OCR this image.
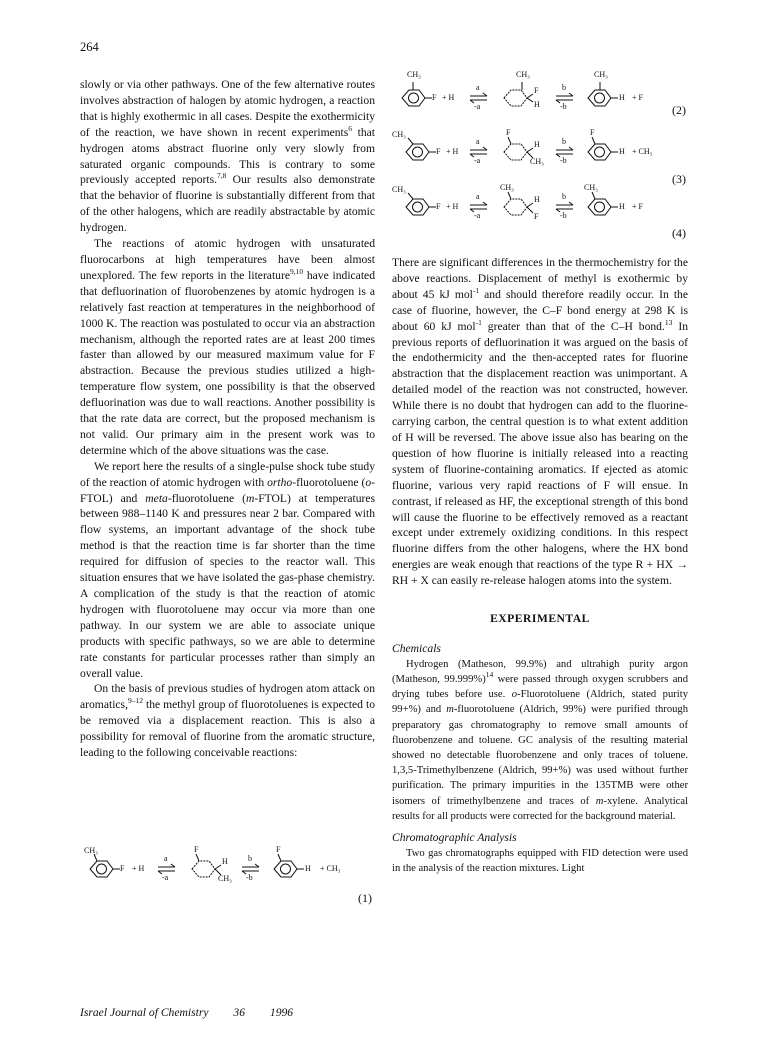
264
CH₃
F + H
a
-a
CH₃
F
H
b
-b
CH₃
H + F
(2)
CH₃
F + H
a
-a
F
H
CH₃
b
-b
F
H + CH₃
(3)
CH₃
F + H
a
-a
CH₃
H
F
b
-b
CH₃
H + F
(4)

slowly or via other pathways. One of the few alternative routes involves abstraction of halogen by atomic hydrogen, a reaction that is highly exothermic in all cases. Despite the exothermicity of the reaction, we have shown in recent experiments$^6$ that hydrogen atoms abstract fluorine only very slowly from saturated organic compounds. This is contrary to some previously accepted reports.$^{7,8}$ Our results also demonstrate that the behavior of fluorine is substantially different from that of the other halogens, which are readily abstractable by atomic hydrogen.

The reactions of atomic hydrogen with unsaturated fluorocarbons at high temperatures have been almost unexplored. The few reports in the literature$^{9,10}$ have indicated that defluorination of fluorobenzenes by atomic hydrogen is a relatively fast reaction at temperatures in the neighborhood of 1000 K. The reaction was postulated to occur via an abstraction mechanism, although the reported rates are at least 200 times faster than allowed by our measured maximum value for F abstraction. Because the previous studies utilized a high-temperature flow system, one possibility is that the observed defluorination was due to wall reactions. Another possibility is that the rate data are correct, but the proposed mechanism is not valid. Our primary aim in the present work was to determine which of the above situations was the case.

We report here the results of a single-pulse shock tube study of the reaction of atomic hydrogen with ortho-fluorotoluene (o-FTOL) and meta-fluorotoluene (m-FTOL) at temperatures between 988–1140 K and pressures near 2 bar. Compared with flow systems, an important advantage of the shock tube method is that the reaction time is far shorter than the time required for diffusion of species to the reactor wall. This situation ensures that we have isolated the gas-phase chemistry. A complication of the study is that the reaction of atomic hydrogen with fluorotoluene may occur via more than one pathway. In our system we are able to associate unique products with specific pathways, so we are able to determine rate constants for particular processes rather than simply an overall value.

On the basis of previous studies of hydrogen atom attack on aromatics,$^{9-12}$ the methyl group of fluorotoluenes is expected to be removed via a displacement reaction. This is also a possibility for removal of fluorine from the aromatic structure, leading to the following conceivable reactions:

CH₃
F + H
a
-a
F
H
CH₃
b
-b
F
H + CH₃
(1)

There are significant differences in the thermochemistry for the above reactions. Displacement of methyl is exothermic by about 45 kJ mol$^{-1}$ and should therefore readily occur. In the case of fluorine, however, the C–F bond energy at 298 K is about 60 kJ mol$^{-1}$ greater than that of the C–H bond.$^{13}$ In previous reports of defluorination it was argued on the basis of the endothermicity and the then-accepted rates for fluorine abstraction that the displacement reaction was unimportant. A detailed model of the reaction was not constructed, however. While there is no doubt that hydrogen can add to the fluorine-carrying carbon, the central question is to what extent addition of H will be reversed. The above issue also has bearing on the question of how fluorine is initially released into a reacting system of fluorine-containing aromatics. If ejected as atomic fluorine, various very rapid reactions of F will ensue. In contrast, if released as HF, the exceptional strength of this bond will cause the fluorine to be effectively removed as a reactant except under extremely oxidizing conditions. In this respect fluorine differs from the other halogens, where the HX bond energies are weak enough that reactions of the type R + HX → RH + X can easily re-release halogen atoms into the system.

EXPERIMENTAL

Chemicals

Hydrogen (Matheson, 99.9%) and ultrahigh purity argon (Matheson, 99.999%)$^{14}$ were passed through oxygen scrubbers and drying tubes before use. o-Fluorotoluene (Aldrich, stated purity 99+%) and m-fluorotoluene (Aldrich, 99%) were purified through preparatory gas chromatography to remove small amounts of fluorobenzene and toluene. GC analysis of the resulting material showed no detectable fluorobenzene and only traces of toluene. 1,3,5-Trimethylbenzene (Aldrich, 99+%) was used without further purification. The primary impurities in the 135TMB were other isomers of trimethylbenzene and traces of m-xylene. Analytical results for all products were corrected for the background material.

Chromatographic Analysis

Two gas chromatographs equipped with FID detection were used in the analysis of the reaction mixtures. Light

Israel Journal of Chemistry 36 1996
